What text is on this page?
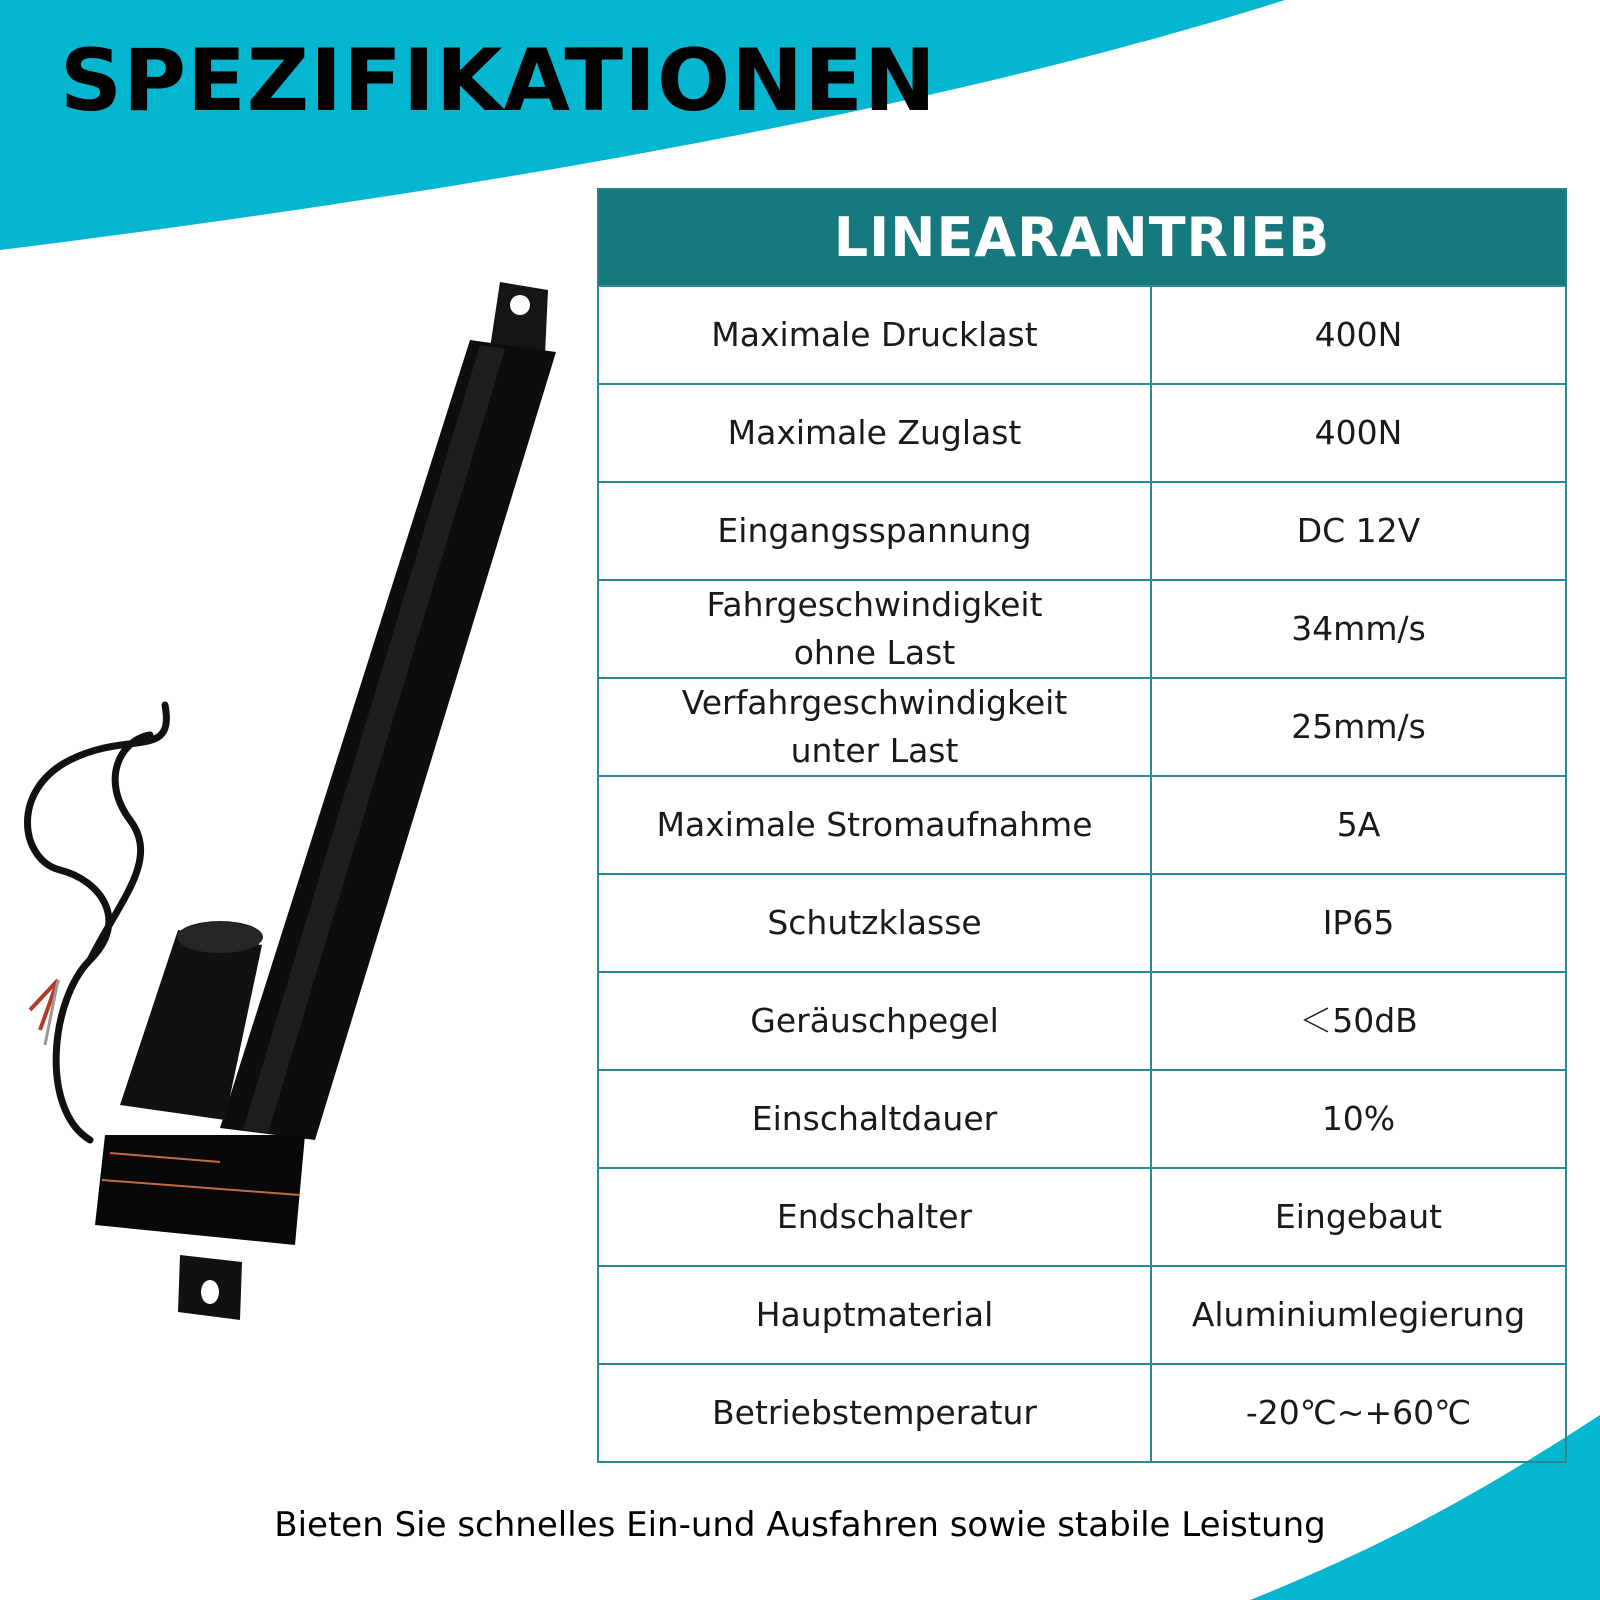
SPEZIFIKATIONEN
LINEARANTRIEB	
Maximale Drucklast	400N
Maximale Zuglast	400N
Eingangsspannung	DC 12V
Fahrgeschwindigkeit
ohne Last	34mm/s
Verfahrgeschwindigkeit
unter Last	25mm/s
Maximale Stromaufnahme	5A
Schutzklasse	IP65
Geräuschpegel	＜50dB
Einschaltdauer	10%
Endschalter	Eingebaut
Hauptmaterial	Aluminiumlegierung
Betriebstemperatur	-20℃~+60℃

Bieten Sie schnelles Ein-und Ausfahren sowie stabile Leistung
